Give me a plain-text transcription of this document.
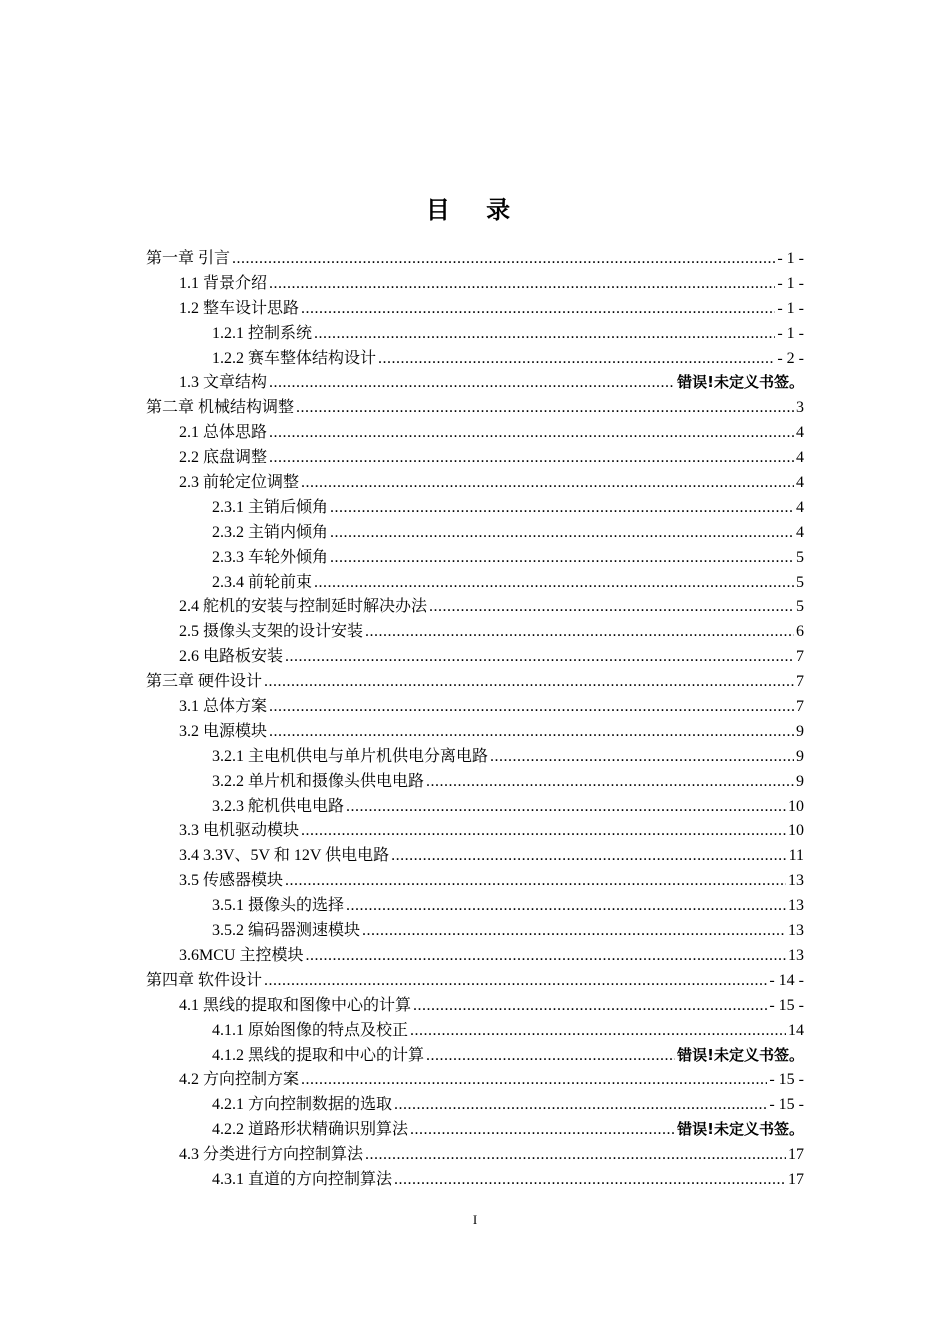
目 录
第一章 引言 .....	- 1 -
1.1 背景介绍 .....	- 1 -
1.2 整车设计思路 .....	- 1 -
1.2.1 控制系统 .....	- 1 -
1.2.2 赛车整体结构设计 .....	- 2 -
1.3 文章结构 .....	错误!未定义书签。
第二章 机械结构调整 .....	3
2.1 总体思路 .....	4
2.2 底盘调整 .....	4
2.3 前轮定位调整 .....	4
2.3.1 主销后倾角 .....	4
2.3.2 主销内倾角 .....	4
2.3.3 车轮外倾角 .....	5
2.3.4 前轮前束 .....	5
2.4 舵机的安装与控制延时解决办法 .....	5
2.5 摄像头支架的设计安装 .....	6
2.6 电路板安装 .....	7
第三章 硬件设计 .....	7
3.1 总体方案 .....	7
3.2 电源模块 .....	9
3.2.1 主电机供电与单片机供电分离电路 .....	9
3.2.2 单片机和摄像头供电电路 .....	9
3.2.3 舵机供电电路 .....	10
3.3 电机驱动模块 .....	10
3.4 3.3V、5V 和 12V 供电电路 .....	11
3.5 传感器模块 .....	13
3.5.1 摄像头的选择 .....	13
3.5.2 编码器测速模块 .....	13
3.6MCU 主控模块 .....	13
第四章 软件设计 .....	- 14 -
4.1 黑线的提取和图像中心的计算 .....	- 15 -
4.1.1 原始图像的特点及校正 .....	14
4.1.2 黑线的提取和中心的计算 .....	错误!未定义书签。
4.2 方向控制方案 .....	- 15 -
4.2.1 方向控制数据的选取 .....	- 15 -
4.2.2 道路形状精确识别算法 .....	错误!未定义书签。
4.3 分类进行方向控制算法 .....	17
4.3.1 直道的方向控制算法 .....	17
I
